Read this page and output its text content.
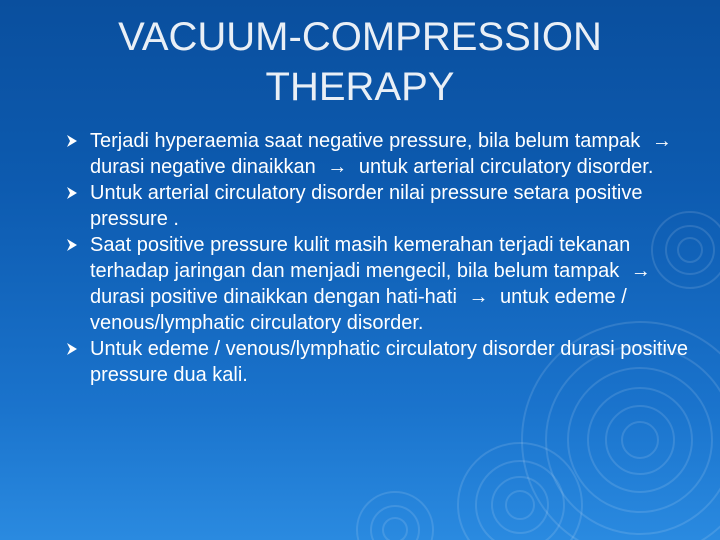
VACUUM-COMPRESSION
THERAPY
Terjadi hyperaemia saat negative pressure, bila belum tampak → durasi negative dinaikkan → untuk arterial circulatory disorder.
Untuk arterial circulatory disorder nilai pressure setara positive pressure .
Saat positive pressure kulit masih kemerahan terjadi tekanan terhadap jaringan dan menjadi mengecil, bila belum tampak → durasi positive dinaikkan dengan hati-hati → untuk edeme / venous/lymphatic circulatory disorder.
Untuk edeme / venous/lymphatic circulatory disorder durasi positive pressure dua kali.
